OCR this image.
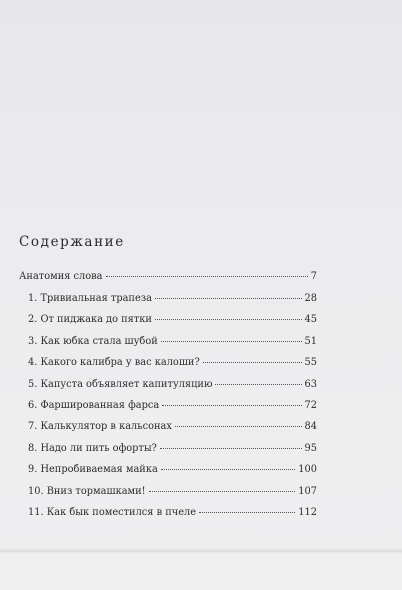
Содержание
Анатомия слова	7
1. Тривиальная трапеза	28
2. От пиджака до пятки	45
3. Как юбка стала шубой	51
4. Какого калибра у вас калоши?	55
5. Капуста объявляет капитуляцию	63
6. Фаршированная фарса	72
7. Калькулятор в кальсонах	84
8. Надо ли пить офорты?	95
9. Непробиваемая майка	100
10. Вниз тормашками!	107
11. Как бык поместился в пчеле	112
